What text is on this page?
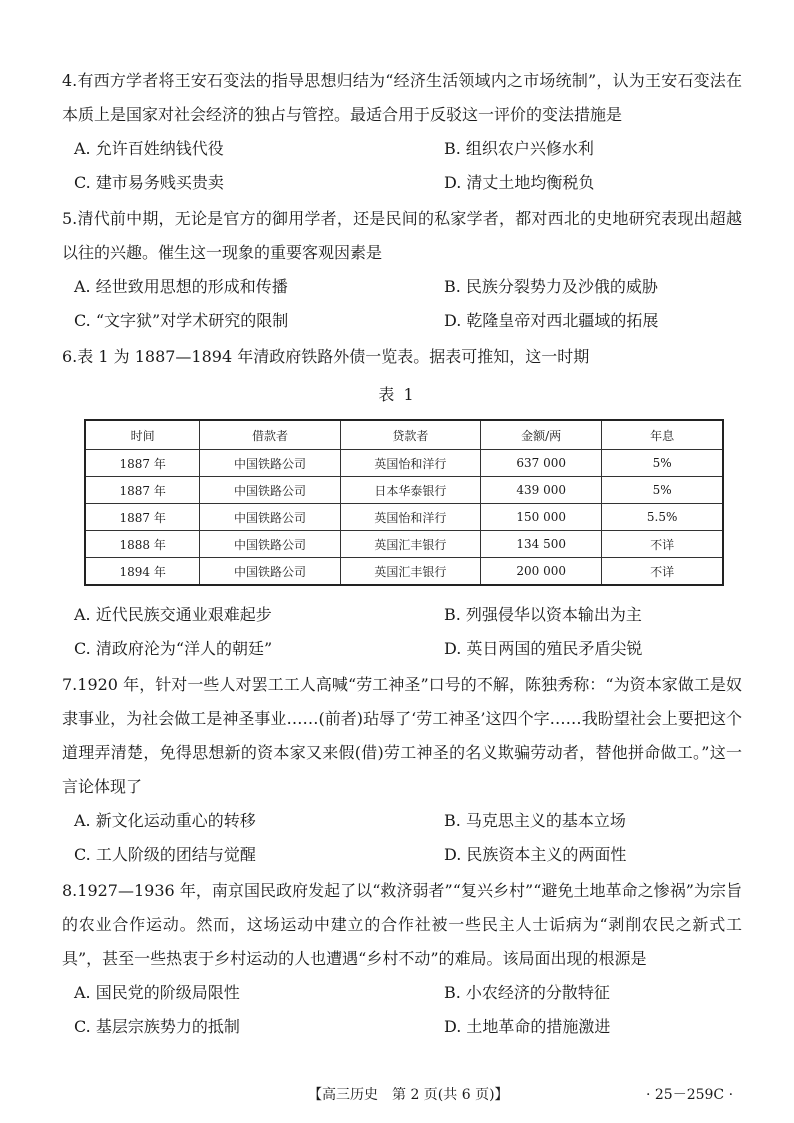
4.有西方学者将王安石变法的指导思想归结为“经济生活领域内之市场统制”，认为王安石变法在本质上是国家对社会经济的独占与管控。最适合用于反驳这一评价的变法措施是

A. 允许百姓纳钱代役	B. 组织农户兴修水利
C. 建市易务贱买贵卖	D. 清丈土地均衡税负

5.清代前中期，无论是官方的御用学者，还是民间的私家学者，都对西北的史地研究表现出超越以往的兴趣。催生这一现象的重要客观因素是

A. 经世致用思想的形成和传播	B. 民族分裂势力及沙俄的威胁
C. “文字狱”对学术研究的限制	D. 乾隆皇帝对西北疆域的拓展

6.表 1 为 1887—1894 年清政府铁路外债一览表。据表可推知，这一时期

表 1
时间	借款者	贷款者	金额/两	年息
1887 年	中国铁路公司	英国怡和洋行	637 000	5%
1887 年	中国铁路公司	日本华泰银行	439 000	5%
1887 年	中国铁路公司	英国怡和洋行	150 000	5.5%
1888 年	中国铁路公司	英国汇丰银行	134 500	不详
1894 年	中国铁路公司	英国汇丰银行	200 000	不详
A. 近代民族交通业艰难起步	B. 列强侵华以资本输出为主
C. 清政府沦为“洋人的朝廷”	D. 英日两国的殖民矛盾尖锐

7.1920 年，针对一些人对罢工工人高喊“劳工神圣”口号的不解，陈独秀称：“为资本家做工是奴隶事业，为社会做工是神圣事业……(前者)玷辱了‘劳工神圣’这四个字……我盼望社会上要把这个道理弄清楚，免得思想新的资本家又来假(借)劳工神圣的名义欺骗劳动者，替他拼命做工。”这一言论体现了

A. 新文化运动重心的转移	B. 马克思主义的基本立场
C. 工人阶级的团结与觉醒	D. 民族资本主义的两面性

8.1927—1936 年，南京国民政府发起了以“救济弱者”“复兴乡村”“避免土地革命之惨祸”为宗旨的农业合作运动。然而，这场运动中建立的合作社被一些民主人士诟病为“剥削农民之新式工具”，甚至一些热衷于乡村运动的人也遭遇“乡村不动”的难局。该局面出现的根源是

A. 国民党的阶级局限性	B. 小农经济的分散特征
C. 基层宗族势力的抵制	D. 土地革命的措施激进
【高三历史　第 2 页(共 6 页)】	· 25－259C ·
